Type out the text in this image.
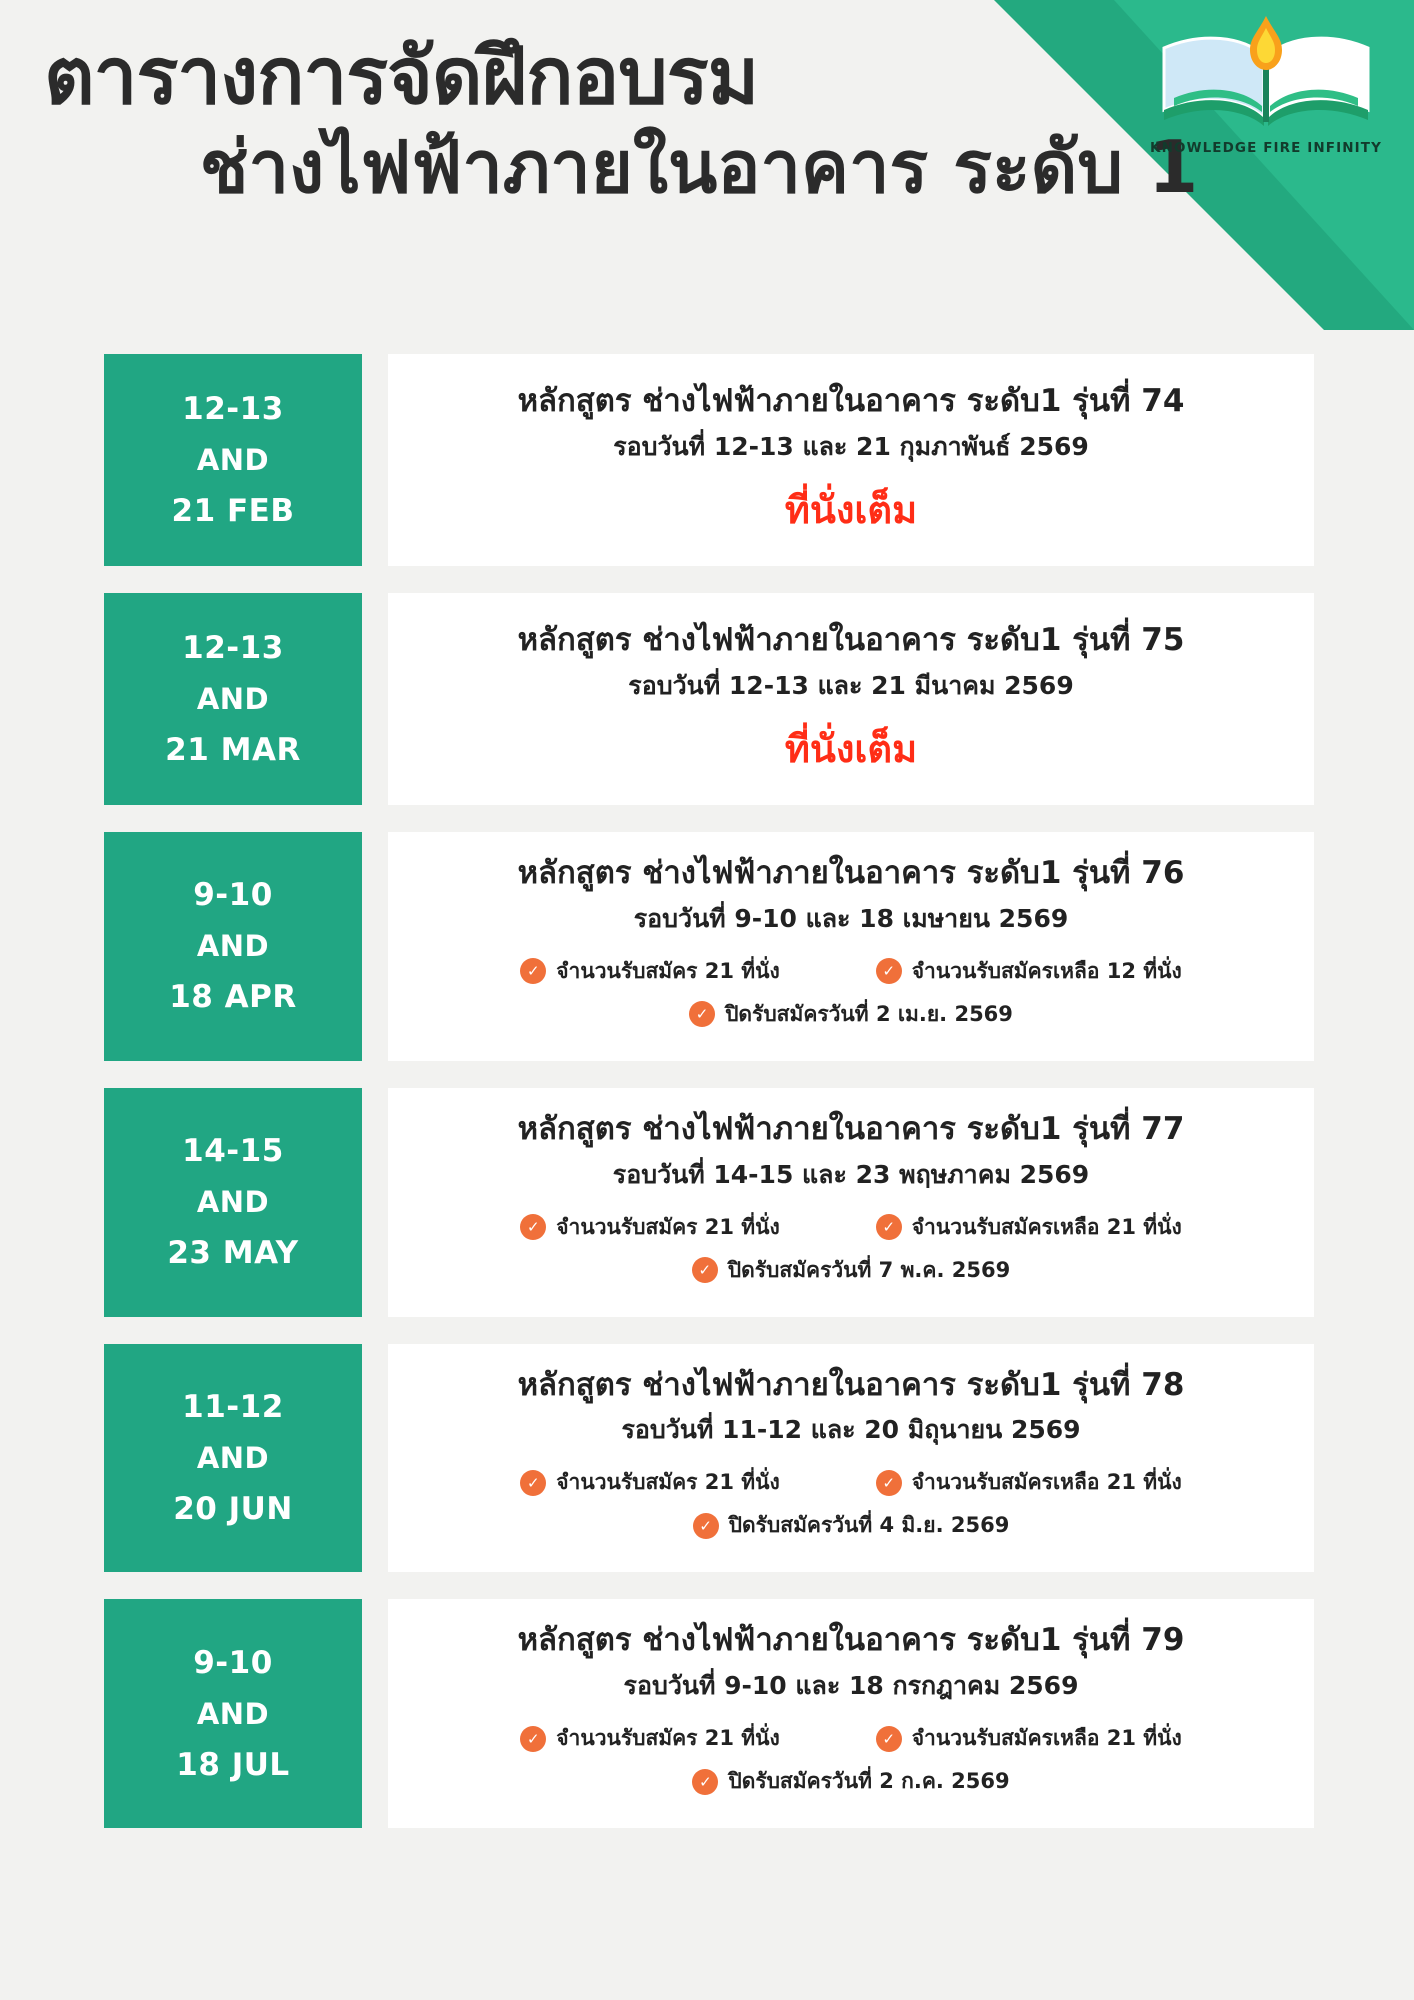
ตารางการจัดฝึกอบรม
ช่างไฟฟ้าภายในอาคาร ระดับ 1
KNOWLEDGE FIRE INFINITY
12-13
AND
21 FEB
หลักสูตร ช่างไฟฟ้าภายในอาคาร ระดับ1 รุ่นที่ 74
รอบวันที่ 12-13 และ 21 กุมภาพันธ์ 2569
ที่นั่งเต็ม
12-13
AND
21 MAR
หลักสูตร ช่างไฟฟ้าภายในอาคาร ระดับ1 รุ่นที่ 75
รอบวันที่ 12-13 และ 21 มีนาคม 2569
ที่นั่งเต็ม
9-10
AND
18 APR
หลักสูตร ช่างไฟฟ้าภายในอาคาร ระดับ1 รุ่นที่ 76
รอบวันที่ 9-10 และ 18 เมษายน 2569
✓ จำนวนรับสมัคร 21 ที่นั่ง	✓ จำนวนรับสมัครเหลือ 12 ที่นั่ง
✓ ปิดรับสมัครวันที่ 2 เม.ย. 2569
14-15
AND
23 MAY
หลักสูตร ช่างไฟฟ้าภายในอาคาร ระดับ1 รุ่นที่ 77
รอบวันที่ 14-15 และ 23 พฤษภาคม 2569
✓ จำนวนรับสมัคร 21 ที่นั่ง	✓ จำนวนรับสมัครเหลือ 21 ที่นั่ง
✓ ปิดรับสมัครวันที่ 7 พ.ค. 2569
11-12
AND
20 JUN
หลักสูตร ช่างไฟฟ้าภายในอาคาร ระดับ1 รุ่นที่ 78
รอบวันที่ 11-12 และ 20 มิถุนายน 2569
✓ จำนวนรับสมัคร 21 ที่นั่ง	✓ จำนวนรับสมัครเหลือ 21 ที่นั่ง
✓ ปิดรับสมัครวันที่ 4 มิ.ย. 2569
9-10
AND
18 JUL
หลักสูตร ช่างไฟฟ้าภายในอาคาร ระดับ1 รุ่นที่ 79
รอบวันที่ 9-10 และ 18 กรกฎาคม 2569
✓ จำนวนรับสมัคร 21 ที่นั่ง	✓ จำนวนรับสมัครเหลือ 21 ที่นั่ง
✓ ปิดรับสมัครวันที่ 2 ก.ค. 2569
